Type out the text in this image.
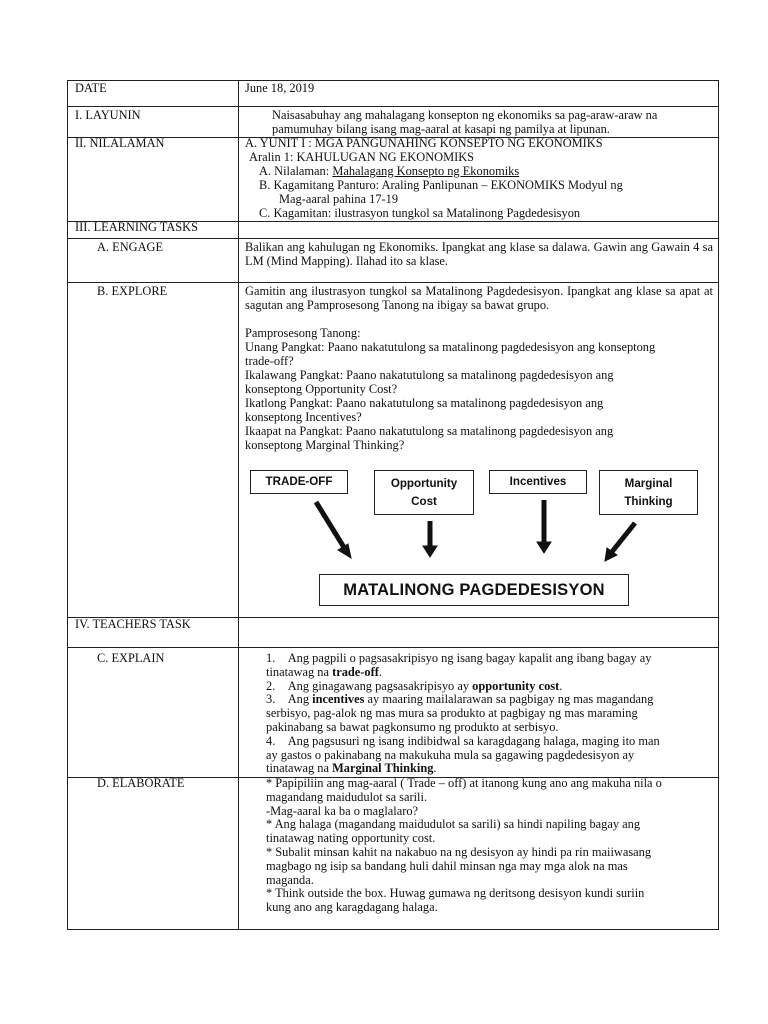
DATE	June 18, 2019
I. LAYUNIN	Naisasabuhay ang mahalagang konsepton ng ekonomiks sa pag-araw-araw na
pamumuhay bilang isang mag-aaral at kasapi ng pamilya at lipunan.
II. NILALAMAN	A. YUNIT I : MGA PANGUNAHING KONSEPTO NG EKONOMIKS
Aralin 1: KAHULUGAN NG EKONOMIKS
A. Nilalaman: Mahalagang Konsepto ng Ekonomiks
B. Kagamitang Panturo: Araling Panlipunan – EKONOMIKS Modyul ng
Mag-aaral pahina 17-19
C. Kagamitan: ilustrasyon tungkol sa Matalinong Pagdedesisyon
III. LEARNING TASKS
A. ENGAGE	Balikan ang kahulugan ng Ekonomiks. Ipangkat ang klase sa dalawa. Gawin ang Gawain 4 sa LM (Mind Mapping). Ilahad ito sa klase.
B. EXPLORE	Gamitin ang ilustrasyon tungkol sa Matalinong Pagdedesisyon. Ipangkat ang klase sa apat at sagutan ang Pamprosesong Tanong na ibigay sa bawat grupo.
Pamprosesong Tanong:
Unang Pangkat: Paano nakatutulong sa matalinong pagdedesisyon ang konseptong
trade-off?
Ikalawang Pangkat: Paano nakatutulong sa matalinong pagdedesisyon ang
konseptong Opportunity Cost?
Ikatlong Pangkat: Paano nakatutulong sa matalinong pagdedesisyon ang
konseptong Incentives?
Ikaapat na Pangkat: Paano nakatutulong sa matalinong pagdedesisyon ang
konseptong Marginal Thinking?
TRADE-OFF	Opportunity
Cost
Incentives	Marginal
Thinking
MATALINONG PAGDEDESISYON
IV. TEACHERS TASK
C. EXPLAIN	1. Ang pagpili o pagsasakripisyo ng isang bagay kapalit ang ibang bagay ay
tinatawag na trade-off.
2. Ang ginagawang pagsasakripisyo ay opportunity cost.
3. Ang incentives ay maaring mailalarawan sa pagbigay ng mas magandang
serbisyo, pag-alok ng mas mura sa produkto at pagbigay ng mas maraming
pakinabang sa bawat pagkonsumo ng produkto at serbisyo.
4. Ang pagsusuri ng isang indibidwal sa karagdagang halaga, maging ito man
ay gastos o pakinabang na makukuha mula sa gagawing pagdedesisyon ay
tinatawag na Marginal Thinking.
D. ELABORATE	* Papipiliin ang mag-aaral ( Trade – off) at itanong kung ano ang makuha nila o
magandang maidudulot sa sarili.
-Mag-aaral ka ba o maglalaro?
* Ang halaga (magandang maidudulot sa sarili) sa hindi napiling bagay ang
tinatawag nating opportunity cost.
* Subalit minsan kahit na nakabuo na ng desisyon ay hindi pa rin maiiwasang
magbago ng isip sa bandang huli dahil minsan nga may mga alok na mas
maganda.
* Think outside the box. Huwag gumawa ng deritsong desisyon kundi suriin
kung ano ang karagdagang halaga.
